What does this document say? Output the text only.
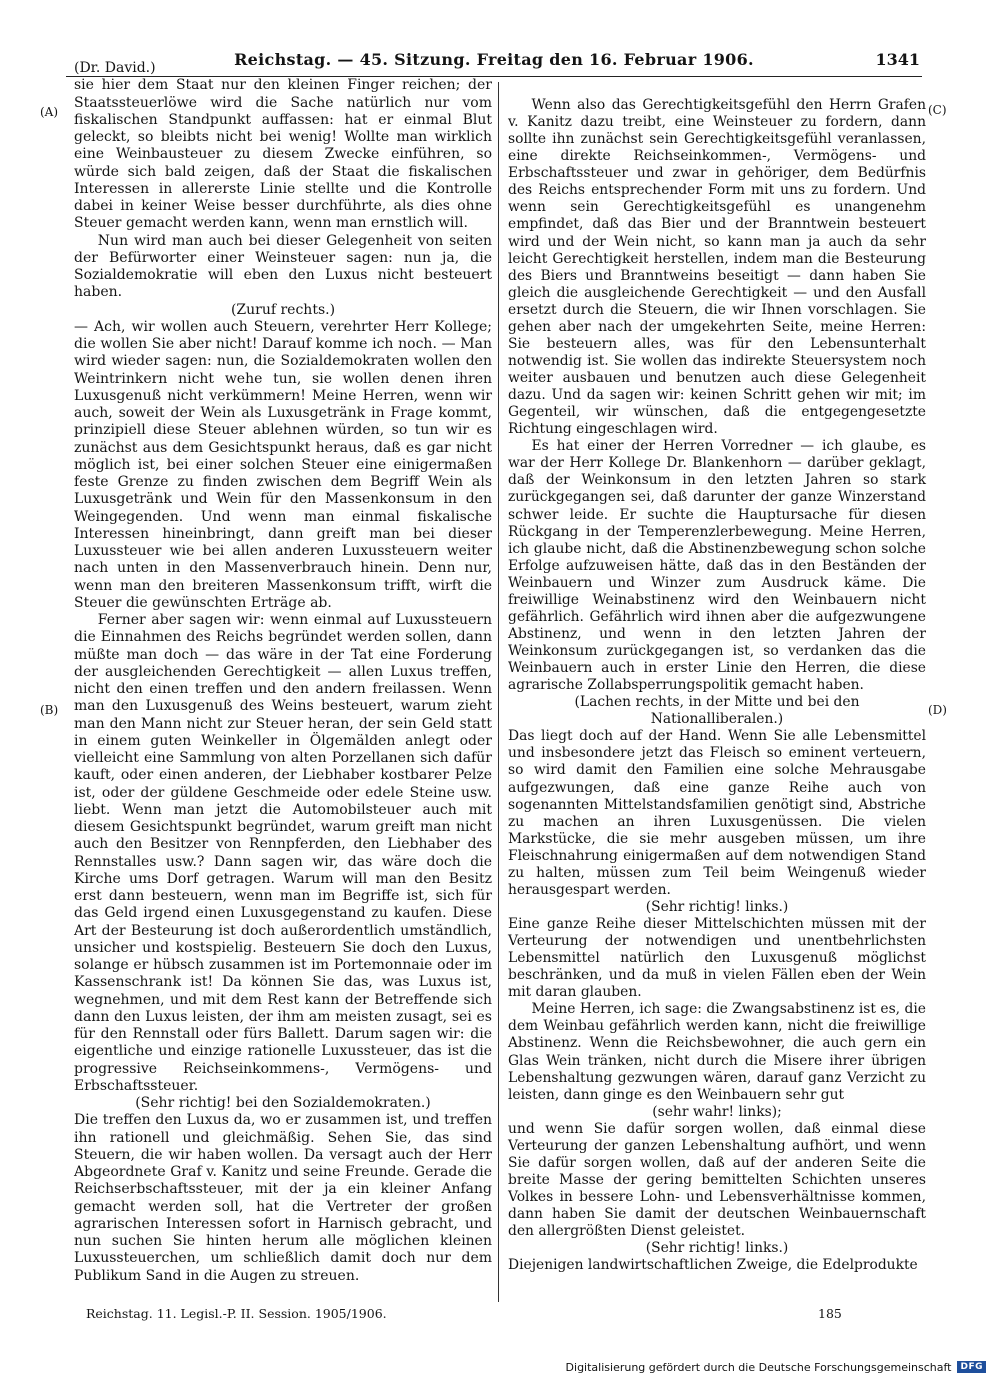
Reichstag. — 45. Sitzung. Freitag den 16. Februar 1906.	1341
(A)
(B)
(C)
(D)

(Dr. David.)

sie hier dem Staat nur den kleinen Finger reichen; der Staatssteuerlöwe wird die Sache natürlich nur vom fiskalischen Standpunkt auffassen: hat er einmal Blut geleckt, so bleibts nicht bei wenig! Wollte man wirklich eine Weinbausteuer zu diesem Zwecke einführen, so würde sich bald zeigen, daß der Staat die fiskalischen Interessen in allererste Linie stellte und die Kontrolle dabei in keiner Weise besser durchführte, als dies ohne Steuer gemacht werden kann, wenn man ernstlich will.

Nun wird man auch bei dieser Gelegenheit von seiten der Befürworter einer Weinsteuer sagen: nun ja, die Sozialdemokratie will eben den Luxus nicht besteuert haben.

(Zuruf rechts.)

— Ach, wir wollen auch Steuern, verehrter Herr Kollege; die wollen Sie aber nicht! Darauf komme ich noch. — Man wird wieder sagen: nun, die Sozialdemokraten wollen den Weintrinkern nicht wehe tun, sie wollen denen ihren Luxusgenuß nicht verkümmern! Meine Herren, wenn wir auch, soweit der Wein als Luxusgetränk in Frage kommt, prinzipiell diese Steuer ablehnen würden, so tun wir es zunächst aus dem Gesichtspunkt heraus, daß es gar nicht möglich ist, bei einer solchen Steuer eine einigermaßen feste Grenze zu finden zwischen dem Begriff Wein als Luxusgetränk und Wein für den Massenkonsum in den Weingegenden. Und wenn man einmal fiskalische Interessen hineinbringt, dann greift man bei dieser Luxussteuer wie bei allen anderen Luxussteuern weiter nach unten in den Massenverbrauch hinein. Denn nur, wenn man den breiteren Massenkonsum trifft, wirft die Steuer die gewünschten Erträge ab.

Ferner aber sagen wir: wenn einmal auf Luxussteuern die Einnahmen des Reichs begründet werden sollen, dann müßte man doch — das wäre in der Tat eine Forderung der ausgleichenden Gerechtigkeit — allen Luxus treffen, nicht den einen treffen und den andern freilassen. Wenn man den Luxusgenuß des Weins besteuert, warum zieht man den Mann nicht zur Steuer heran, der sein Geld statt in einem guten Weinkeller in Ölgemälden anlegt oder vielleicht eine Sammlung von alten Porzellanen sich dafür kauft, oder einen anderen, der Liebhaber kostbarer Pelze ist, oder der güldene Geschmeide oder edele Steine usw. liebt. Wenn man jetzt die Automobilsteuer auch mit diesem Gesichtspunkt begründet, warum greift man nicht auch den Besitzer von Rennpferden, den Liebhaber des Rennstalles usw.? Dann sagen wir, das wäre doch die Kirche ums Dorf getragen. Warum will man den Besitz erst dann besteuern, wenn man im Begriffe ist, sich für das Geld irgend einen Luxusgegenstand zu kaufen. Diese Art der Besteurung ist doch außerordentlich umständlich, unsicher und kostspielig. Besteuern Sie doch den Luxus, solange er hübsch zusammen ist im Portemonnaie oder im Kassenschrank ist! Da können Sie das, was Luxus ist, wegnehmen, und mit dem Rest kann der Betreffende sich dann den Luxus leisten, der ihm am meisten zusagt, sei es für den Rennstall oder fürs Ballett. Darum sagen wir: die eigentliche und einzige rationelle Luxussteuer, das ist die progressive Reichseinkommens-, Vermögens- und Erbschaftssteuer.

(Sehr richtig! bei den Sozialdemokraten.)

Die treffen den Luxus da, wo er zusammen ist, und treffen ihn rationell und gleichmäßig. Sehen Sie, das sind Steuern, die wir haben wollen. Da versagt auch der Herr Abgeordnete Graf v. Kanitz und seine Freunde. Gerade die Reichserbschaftssteuer, mit der ja ein kleiner Anfang gemacht werden soll, hat die Vertreter der großen agrarischen Interessen sofort in Harnisch gebracht, und nun suchen Sie hinten herum alle möglichen kleinen Luxussteuerchen, um schließlich damit doch nur dem Publikum Sand in die Augen zu streuen.

Wenn also das Gerechtigkeitsgefühl den Herrn Grafen v. Kanitz dazu treibt, eine Weinsteuer zu fordern, dann sollte ihn zunächst sein Gerechtigkeitsgefühl veranlassen, eine direkte Reichseinkommen-, Vermögens- und Erbschaftssteuer und zwar in gehöriger, dem Bedürfnis des Reichs entsprechender Form mit uns zu fordern. Und wenn sein Gerechtigkeitsgefühl es unangenehm empfindet, daß das Bier und der Branntwein besteuert wird und der Wein nicht, so kann man ja auch da sehr leicht Gerechtigkeit herstellen, indem man die Besteurung des Biers und Branntweins beseitigt — dann haben Sie gleich die ausgleichende Gerechtigkeit — und den Ausfall ersetzt durch die Steuern, die wir Ihnen vorschlagen. Sie gehen aber nach der umgekehrten Seite, meine Herren: Sie besteuern alles, was für den Lebensunterhalt notwendig ist. Sie wollen das indirekte Steuersystem noch weiter ausbauen und benutzen auch diese Gelegenheit dazu. Und da sagen wir: keinen Schritt gehen wir mit; im Gegenteil, wir wünschen, daß die entgegengesetzte Richtung eingeschlagen wird.

Es hat einer der Herren Vorredner — ich glaube, es war der Herr Kollege Dr. Blankenhorn — darüber geklagt, daß der Weinkonsum in den letzten Jahren so stark zurückgegangen sei, daß darunter der ganze Winzerstand schwer leide. Er suchte die Hauptursache für diesen Rückgang in der Temperenzlerbewegung. Meine Herren, ich glaube nicht, daß die Abstinenzbewegung schon solche Erfolge aufzuweisen hätte, daß das in den Beständen der Weinbauern und Winzer zum Ausdruck käme. Die freiwillige Weinabstinenz wird den Weinbauern nicht gefährlich. Gefährlich wird ihnen aber die aufgezwungene Abstinenz, und wenn in den letzten Jahren der Weinkonsum zurückgegangen ist, so verdanken das die Weinbauern auch in erster Linie den Herren, die diese agrarische Zollabsperrungspolitik gemacht haben.

(Lachen rechts, in der Mitte und bei den Nationalliberalen.)

Das liegt doch auf der Hand. Wenn Sie alle Lebensmittel und insbesondere jetzt das Fleisch so eminent verteuern, so wird damit den Familien eine solche Mehrausgabe aufgezwungen, daß eine ganze Reihe auch von sogenannten Mittelstandsfamilien genötigt sind, Abstriche zu machen an ihren Luxusgenüssen. Die vielen Markstücke, die sie mehr ausgeben müssen, um ihre Fleischnahrung einigermaßen auf dem notwendigen Stand zu halten, müssen zum Teil beim Weingenuß wieder herausgespart werden.

(Sehr richtig! links.)

Eine ganze Reihe dieser Mittelschichten müssen mit der Verteurung der notwendigen und unentbehrlichsten Lebensmittel natürlich den Luxusgenuß möglichst beschränken, und da muß in vielen Fällen eben der Wein mit daran glauben.

Meine Herren, ich sage: die Zwangsabstinenz ist es, die dem Weinbau gefährlich werden kann, nicht die freiwillige Abstinenz. Wenn die Reichsbewohner, die auch gern ein Glas Wein tränken, nicht durch die Misere ihrer übrigen Lebenshaltung gezwungen wären, darauf ganz Verzicht zu leisten, dann ginge es den Weinbauern sehr gut

(sehr wahr! links);

und wenn Sie dafür sorgen wollen, daß einmal diese Verteurung der ganzen Lebenshaltung aufhört, und wenn Sie dafür sorgen wollen, daß auf der anderen Seite die breite Masse der gering bemittelten Schichten unseres Volkes in bessere Lohn- und Lebensverhältnisse kommen, dann haben Sie damit der deutschen Weinbauernschaft den allergrößten Dienst geleistet.

(Sehr richtig! links.)

Diejenigen landwirtschaftlichen Zweige, die Edelprodukte

Reichstag. 11. Legisl.-P. II. Session. 1905/1906.	185
Digitalisierung gefördert durch die Deutsche Forschungsgemeinschaft	DFG
